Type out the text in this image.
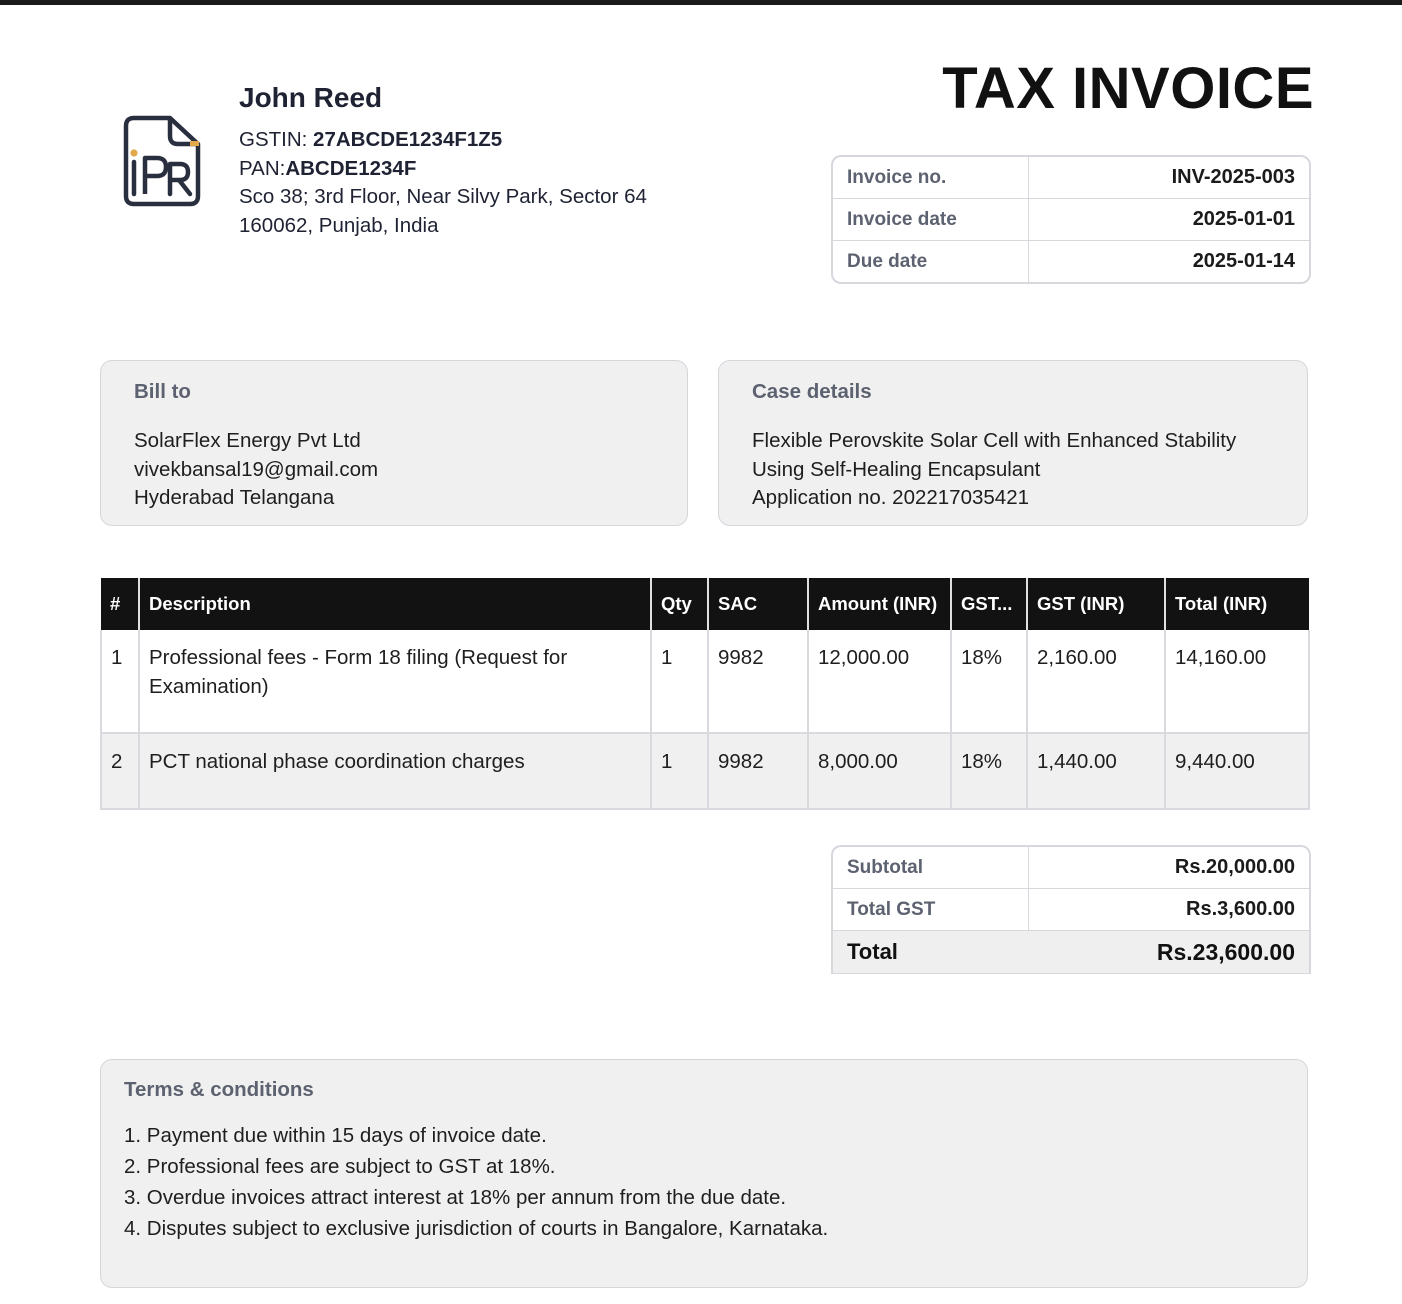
John Reed
GSTIN: 27ABCDE1234F1Z5
PAN:ABCDE1234F
Sco 38; 3rd Floor, Near Silvy Park, Sector 64
160062, Punjab, India
TAX INVOICE
Invoice no.	INV-2025-003
Invoice date	2025-01-01
Due date	2025-01-14
Bill to
SolarFlex Energy Pvt Ltd
vivekbansal19@gmail.com
Hyderabad Telangana
Case details
Flexible Perovskite Solar Cell with Enhanced Stability
Using Self-Healing Encapsulant
Application no. 202217035421
#	Description	Qty	SAC	Amount (INR)	GST...	GST (INR)	Total (INR)
1	Professional fees - Form 18 filing (Request for Examination)	1	9982	12,000.00	18%	2,160.00	14,160.00
2	PCT national phase coordination charges	1	9982	8,000.00	18%	1,440.00	9,440.00
Subtotal	Rs.20,000.00
Total GST	Rs.3,600.00
Total	Rs.23,600.00
Terms & conditions
1. Payment due within 15 days of invoice date.
2. Professional fees are subject to GST at 18%.
3. Overdue invoices attract interest at 18% per annum from the due date.
4. Disputes subject to exclusive jurisdiction of courts in Bangalore, Karnataka.
